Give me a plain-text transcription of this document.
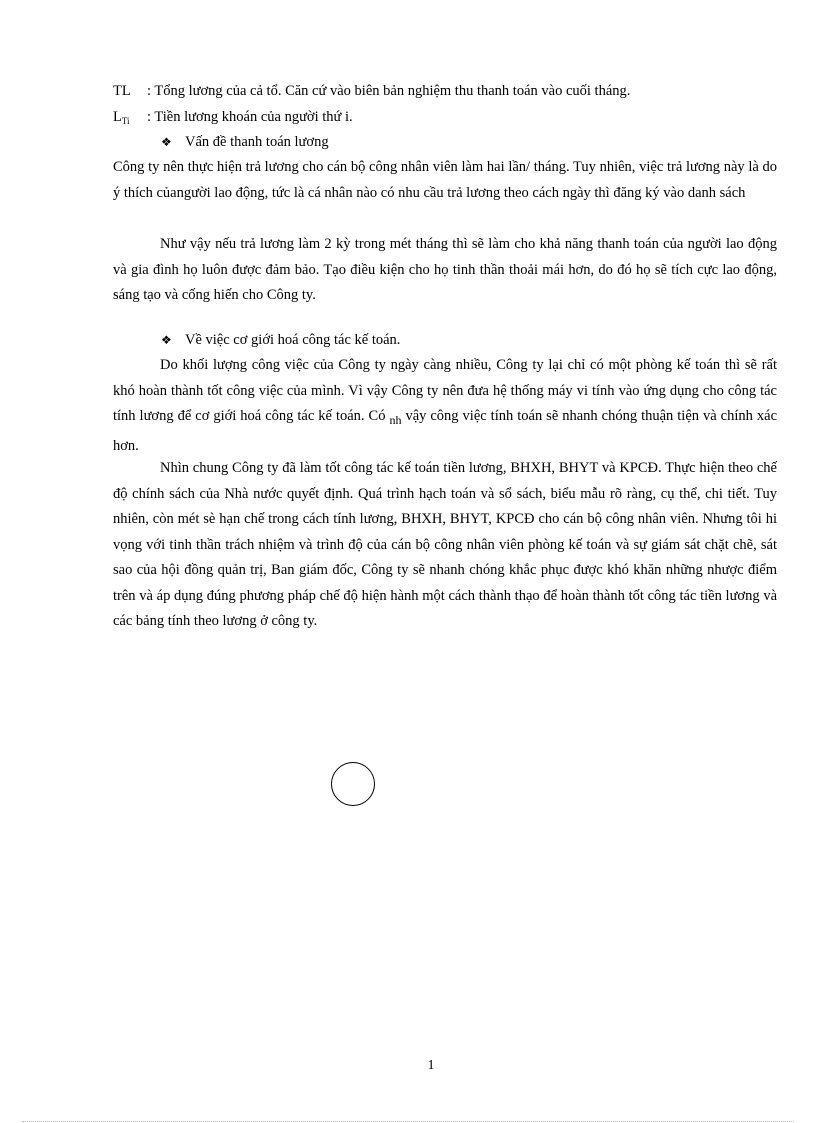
TL : Tổng lương của cả tổ. Căn cứ vào biên bản nghiệm thu thanh toán vào cuối tháng.
$L_{Ti}$ : Tiền lương khoán của người thứ i.
❖ Vấn đề thanh toán lương
Công ty nên thực hiện trả lương cho cán bộ công nhân viên làm hai lần/ tháng. Tuy nhiên, việc trả lương này là do ý thích củangười lao động, tức là cá nhân nào có nhu cầu trả lương theo cách ngày thì đăng ký vào danh sách
Như vậy nếu trả lương làm 2 kỳ trong mét tháng thì sẽ làm cho khả năng thanh toán của người lao động và gia đình họ luôn được đảm bảo. Tạo điều kiện cho họ tinh thần thoải mái hơn, do đó họ sẽ tích cực lao động, sáng tạo và cống hiến cho Công ty.
❖ Về việc cơ giới hoá công tác kế toán.
Do khối lượng công việc của Công ty ngày càng nhiều, Công ty lại chỉ có một phòng kế toán thì sẽ rất khó hoàn thành tốt công việc của mình. Vì vậy Công ty nên đưa hệ thống máy vi tính vào ứng dụng cho công tác tính lương để cơ giới hoá công tác kế toán. Có $_{nh}$ vậy công việc tính toán sẽ nhanh chóng thuận tiện và chính xác hơn.
Nhìn chung Công ty đã làm tốt công tác kế toán tiền lương, BHXH, BHYT và KPCĐ. Thực hiện theo chế độ chính sách của Nhà nước quyết định. Quá trình hạch toán và sổ sách, biểu mẫu rõ ràng, cụ thể, chi tiết. Tuy nhiên, còn mét sè hạn chế trong cách tính lương, BHXH, BHYT, KPCĐ cho cán bộ công nhân viên. Nhưng tôi hi vọng với tinh thần trách nhiệm và trình độ của cán bộ công nhân viên phòng kế toán và sự giám sát chặt chẽ, sát sao của hội đồng quản trị, Ban giám đốc, Công ty sẽ nhanh chóng khắc phục được khó khăn những nhược điểm trên và áp dụng đúng phương pháp chế độ hiện hành một cách thành thạo để hoàn thành tốt công tác tiền lương và các bảng tính theo lương ở công ty.
1
